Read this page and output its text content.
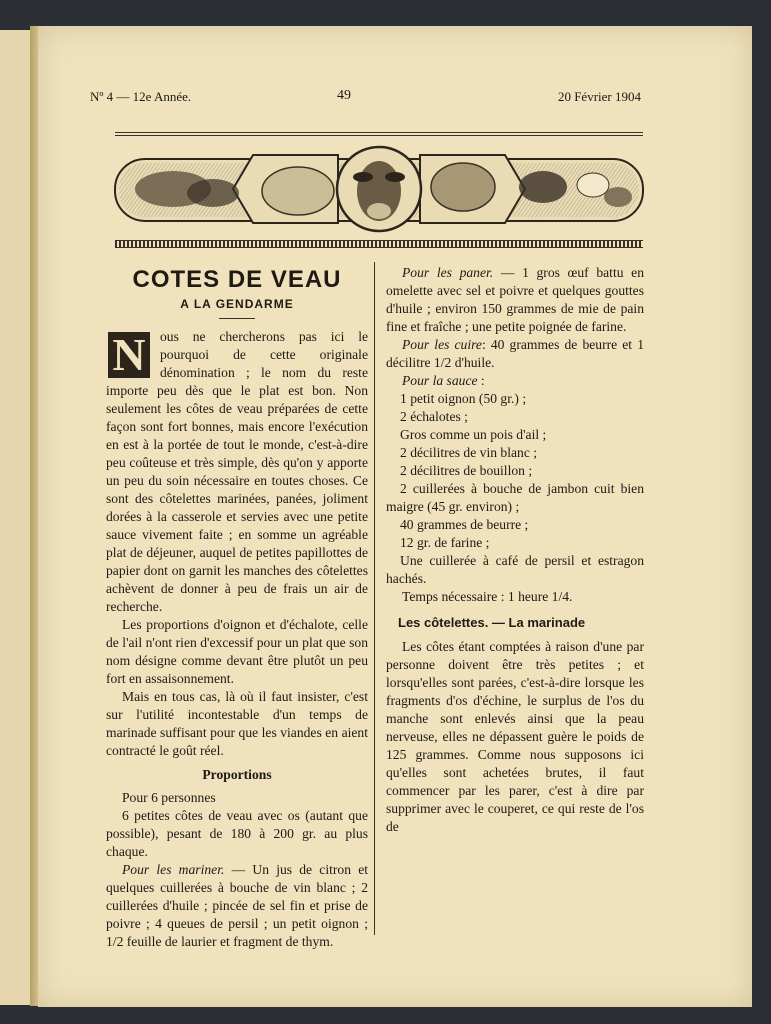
Nº 4 — 12e Année.	49	20 Février 1904
COTES DE VEAU
A LA GENDARME

N	ous ne chercherons pas ici le pourquoi de cette originale dénomination ; le nom du reste importe peu dès que le plat est bon. Non seulement les côtes de veau préparées de cette façon sont fort bonnes, mais encore l'exécution en est à la portée de tout le monde, c'est-à-dire peu coûteuse et très simple, dès qu'on y apporte un peu du soin nécessaire en toutes choses. Ce sont des côtelettes marinées, panées, joliment dorées à la casserole et servies avec une petite sauce vivement faite ; en somme un agréable plat de déjeuner, auquel de petites papillottes de papier dont on garnit les manches des côtelettes achèvent de donner à peu de frais un air de recherche.

Les proportions d'oignon et d'échalote, celle de l'ail n'ont rien d'excessif pour un plat que son nom désigne comme devant être plutôt un peu fort en assaisonnement.

Mais en tous cas, là où il faut insister, c'est sur l'utilité incontestable d'un temps de marinade suffisant pour que les viandes en aient contracté le goût réel.

Proportions

Pour 6 personnes

6 petites côtes de veau avec os (autant que possible), pesant de 180 à 200 gr. au plus chaque.

Pour les mariner. — Un jus de citron et quelques cuillerées à bouche de vin blanc ; 2 cuillerées d'huile ; pincée de sel fin et prise de poivre ; 4 queues de persil ; un petit oignon ; 1/2 feuille de laurier et fragment de thym.

Pour les paner. — 1 gros œuf battu en omelette avec sel et poivre et quelques gouttes d'huile ; environ 150 grammes de mie de pain fine et fraîche ; une petite poignée de farine.

Pour les cuire: 40 grammes de beurre et 1 décilitre 1/2 d'huile.

Pour la sauce :

1 petit oignon (50 gr.) ;

2 échalotes ;

Gros comme un pois d'ail ;

2 décilitres de vin blanc ;

2 décilitres de bouillon ;

2 cuillerées à bouche de jambon cuit bien maigre (45 gr. environ) ;

40 grammes de beurre ;

12 gr. de farine ;

Une cuillerée à café de persil et estragon hachés.

Temps nécessaire : 1 heure 1/4.

Les côtelettes. — La marinade

Les côtes étant comptées à raison d'une par personne doivent être très petites ; et lorsqu'elles sont parées, c'est-à-dire lorsque les fragments d'os d'échine, le surplus de l'os du manche sont enlevés ainsi que la peau nerveuse, elles ne dépassent guère le poids de 125 grammes. Comme nous supposons ici qu'elles sont achetées brutes, il faut commencer par les parer, c'est à dire par supprimer avec le couperet, ce qui reste de l'os de
